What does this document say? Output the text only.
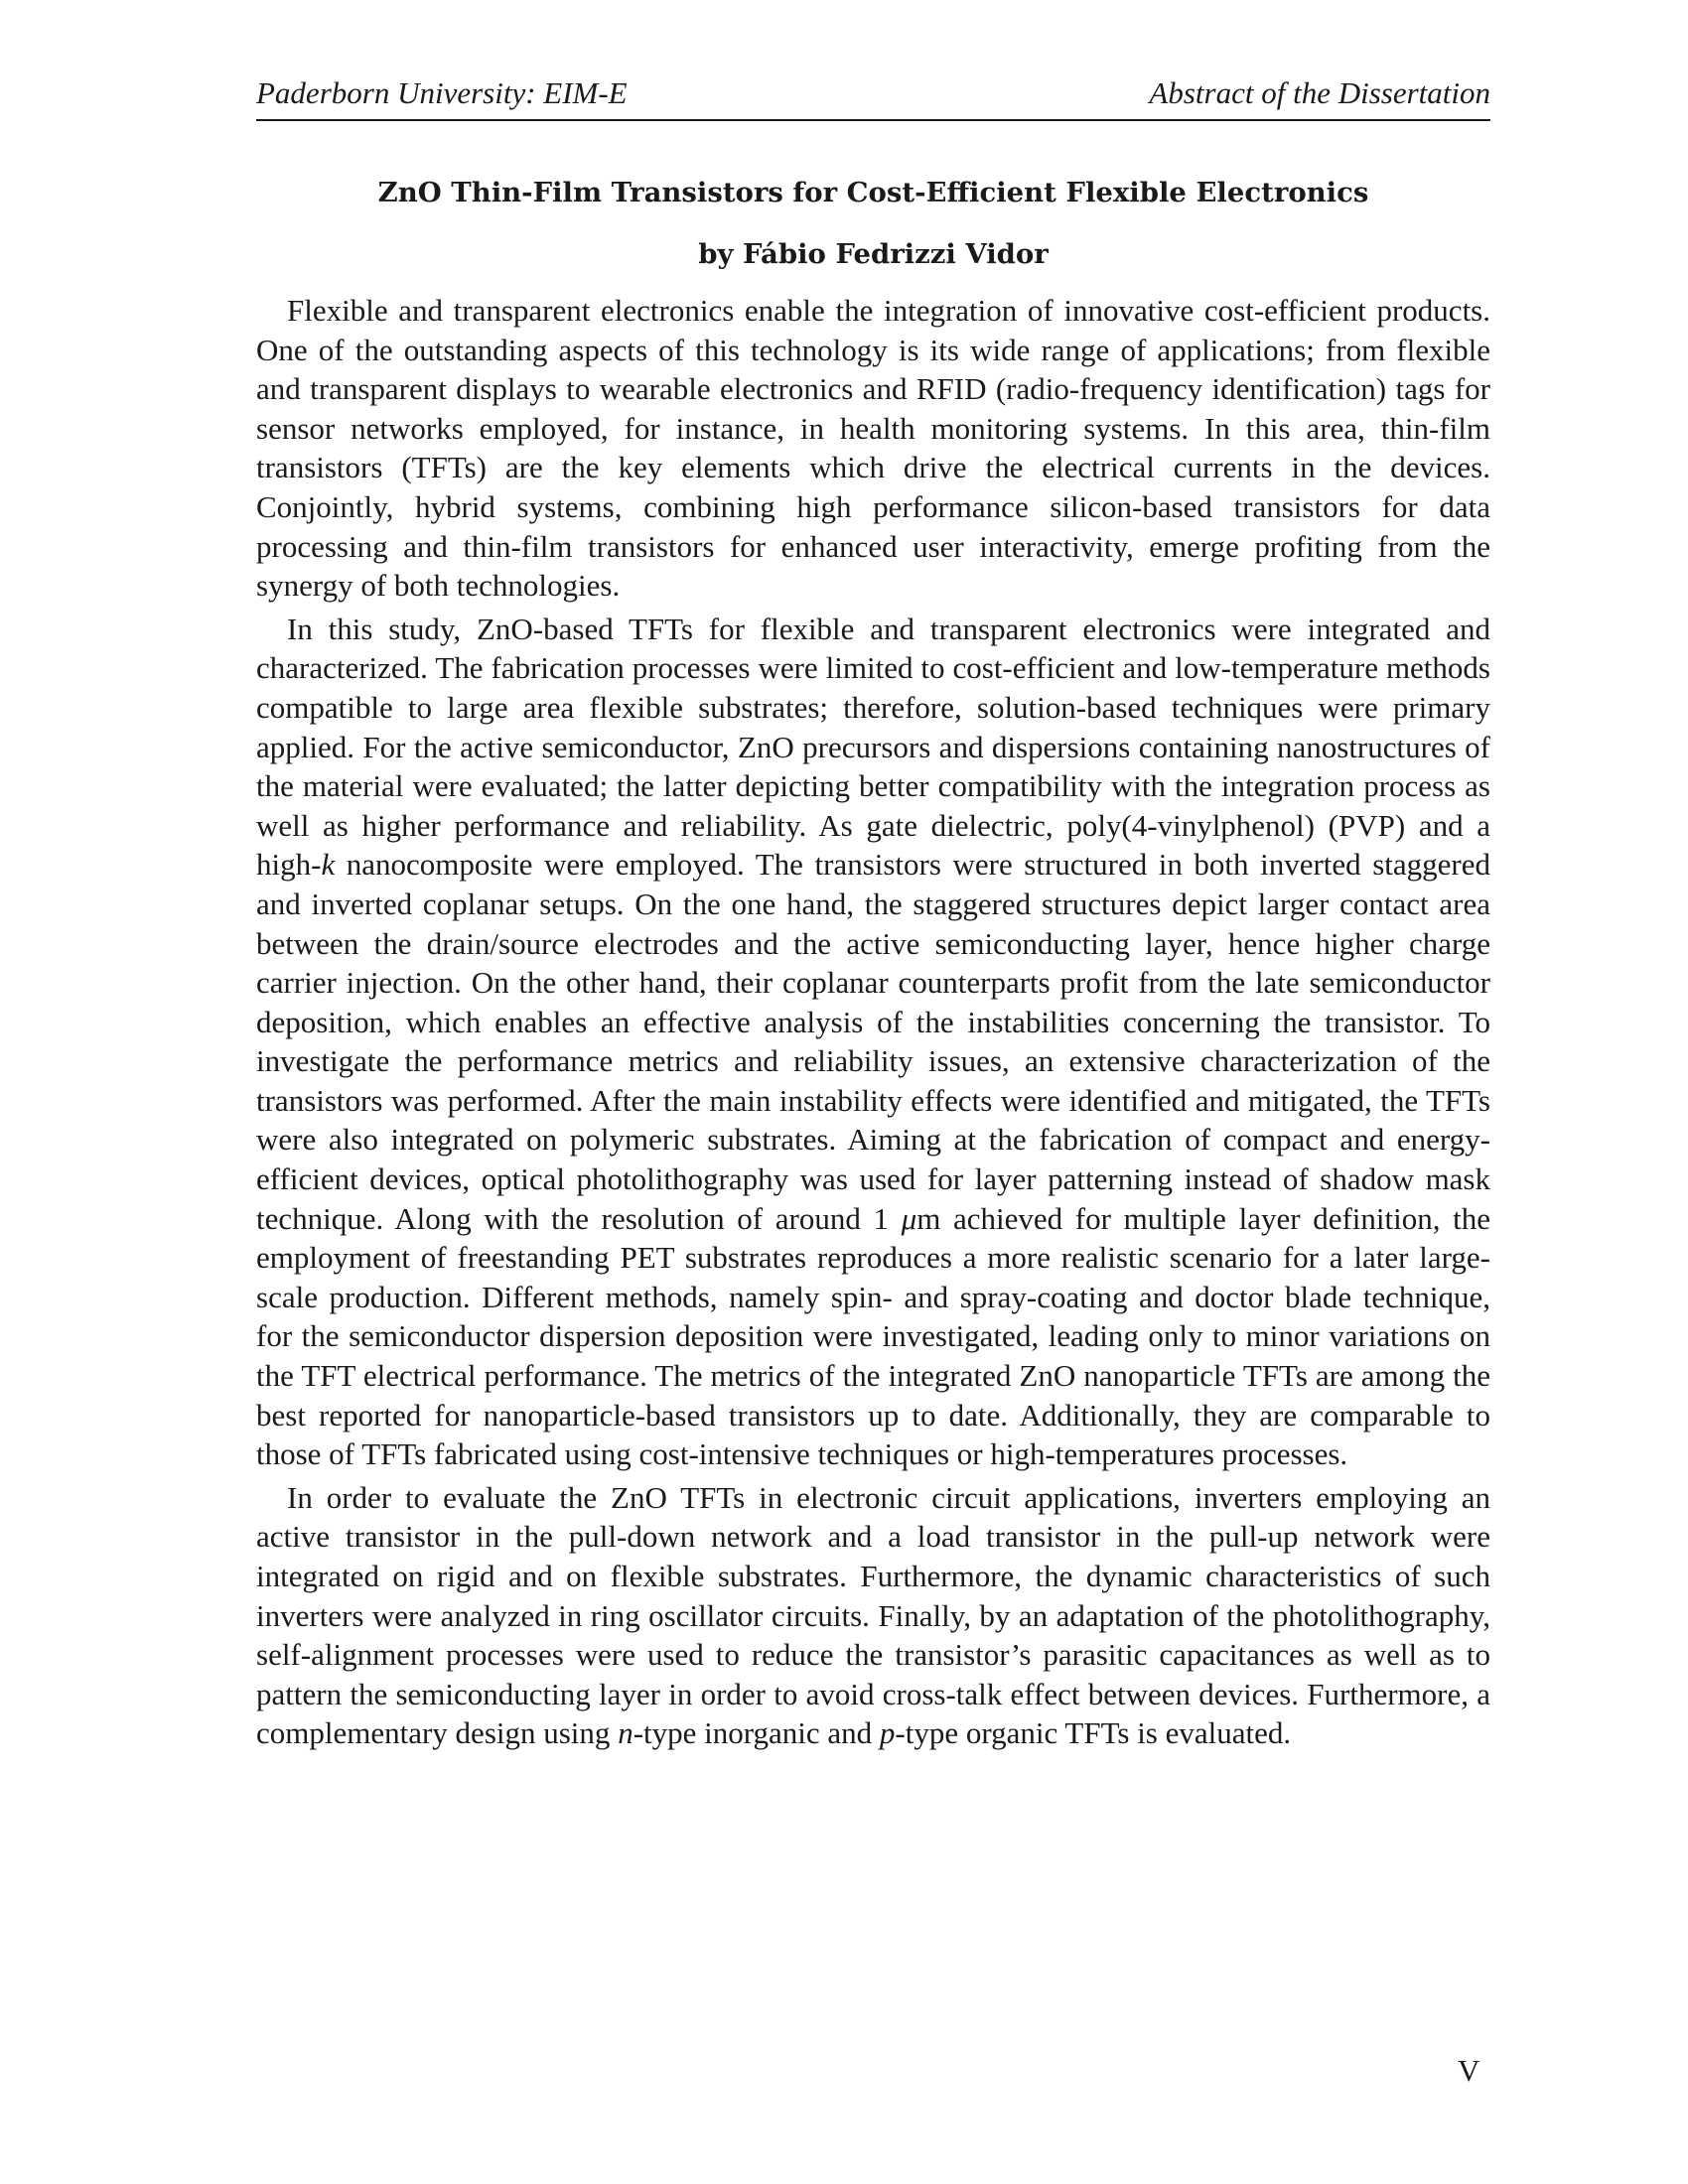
Paderborn University: EIM-E	Abstract of the Dissertation
ZnO Thin-Film Transistors for Cost-Efficient Flexible Electronics
by Fábio Fedrizzi Vidor

Flexible and transparent electronics enable the integration of innovative cost-efficient products. One of the outstanding aspects of this technology is its wide range of applications; from flexible and transparent displays to wearable electronics and RFID (radio-frequency identification) tags for sensor networks employed, for instance, in health monitoring systems. In this area, thin-film transistors (TFTs) are the key elements which drive the electrical currents in the devices. Conjointly, hybrid systems, combining high performance silicon-based transistors for data processing and thin-film transistors for enhanced user interactivity, emerge profiting from the synergy of both technologies.

In this study, ZnO-based TFTs for flexible and transparent electronics were integrated and characterized. The fabrication processes were limited to cost-efficient and low-temperature methods compatible to large area flexible substrates; therefore, solution-based techniques were primary applied. For the active semiconductor, ZnO precursors and dispersions containing nanostructures of the material were evaluated; the latter depicting better compatibility with the integration process as well as higher performance and reliability. As gate dielectric, poly(4-vinylphenol) (PVP) and a high-k nanocomposite were employed. The transistors were structured in both inverted staggered and inverted coplanar setups. On the one hand, the staggered structures depict larger contact area between the drain/source electrodes and the active semiconducting layer, hence higher charge carrier injection. On the other hand, their coplanar counterparts profit from the late semiconductor deposition, which enables an effective analysis of the instabilities concerning the transistor. To investigate the performance metrics and reliability issues, an extensive characterization of the transistors was performed. After the main instability effects were identified and mitigated, the TFTs were also integrated on polymeric substrates. Aiming at the fabrication of compact and energy-efficient devices, optical photolithography was used for layer patterning instead of shadow mask technique. Along with the resolution of around 1 μm achieved for multiple layer definition, the employment of freestanding PET substrates reproduces a more realistic scenario for a later large-scale production. Different methods, namely spin- and spray-coating and doctor blade technique, for the semiconductor dispersion deposition were investigated, leading only to minor variations on the TFT electrical performance. The metrics of the integrated ZnO nanoparticle TFTs are among the best reported for nanoparticle-based transistors up to date. Additionally, they are comparable to those of TFTs fabricated using cost-intensive techniques or high-temperatures processes.

In order to evaluate the ZnO TFTs in electronic circuit applications, inverters employing an active transistor in the pull-down network and a load transistor in the pull-up network were integrated on rigid and on flexible substrates. Furthermore, the dynamic characteristics of such inverters were analyzed in ring oscillator circuits. Finally, by an adaptation of the photolithography, self-alignment processes were used to reduce the transistor’s parasitic capacitances as well as to pattern the semiconducting layer in order to avoid cross-talk effect between devices. Furthermore, a complementary design using n-type inorganic and p-type organic TFTs is evaluated.

V
